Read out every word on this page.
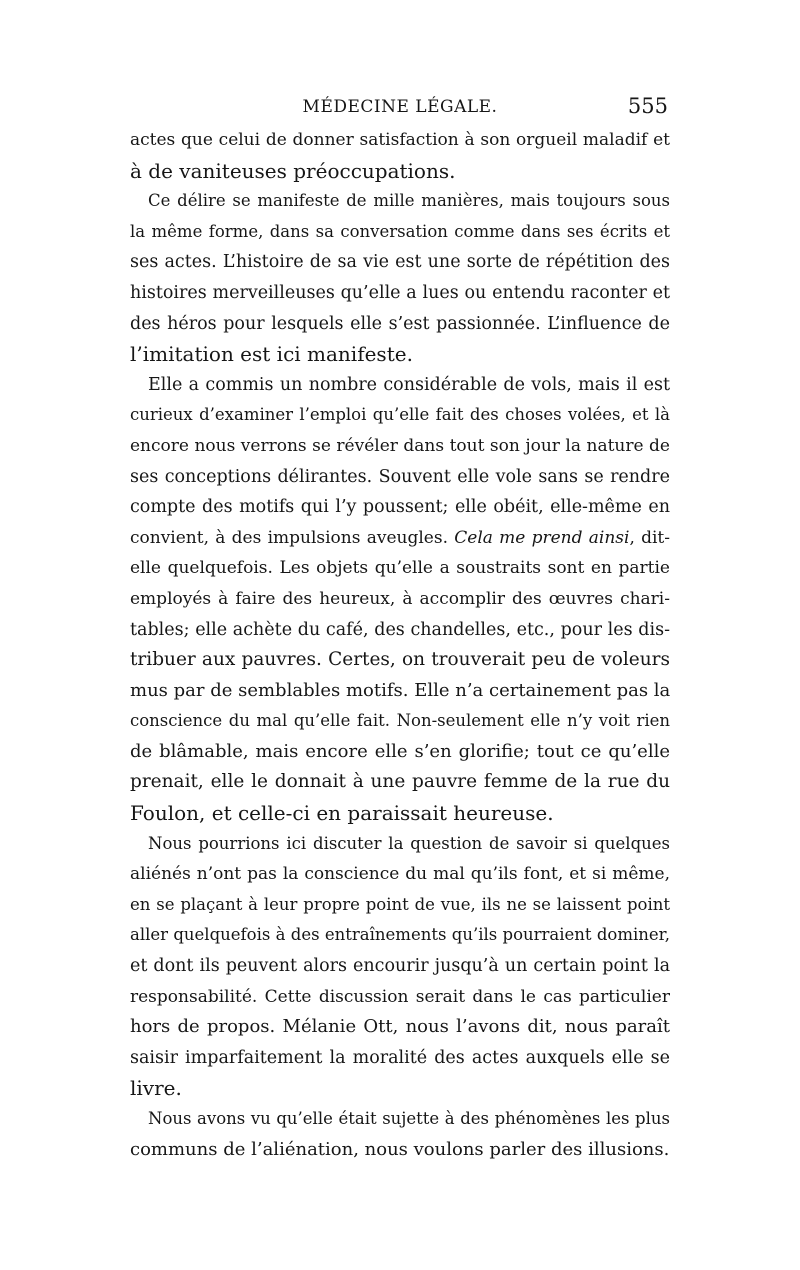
MÉDECINE LÉGALE.	555
actes que celui de donner satisfaction à son orgueil maladif et
à de vaniteuses préoccupations.
Ce délire se manifeste de mille manières, mais toujours sous
la même forme, dans sa conversation comme dans ses écrits et
ses actes. L’histoire de sa vie est une sorte de répétition des
histoires merveilleuses qu’elle a lues ou entendu raconter et
des héros pour lesquels elle s’est passionnée. L’influence de
l’imitation est ici manifeste.
Elle a commis un nombre considérable de vols, mais il est
curieux d’examiner l’emploi qu’elle fait des choses volées, et là
encore nous verrons se révéler dans tout son jour la nature de
ses conceptions délirantes. Souvent elle vole sans se rendre
compte des motifs qui l’y poussent; elle obéit, elle-même en
convient, à des impulsions aveugles. Cela me prend ainsi, dit-
elle quelquefois. Les objets qu’elle a soustraits sont en partie
employés à faire des heureux, à accomplir des œuvres chari-
tables; elle achète du café, des chandelles, etc., pour les dis-
tribuer aux pauvres. Certes, on trouverait peu de voleurs
mus par de semblables motifs. Elle n’a certainement pas la
conscience du mal qu’elle fait. Non-seulement elle n’y voit rien
de blâmable, mais encore elle s’en glorifie; tout ce qu’elle
prenait, elle le donnait à une pauvre femme de la rue du
Foulon, et celle-ci en paraissait heureuse.
Nous pourrions ici discuter la question de savoir si quelques
aliénés n’ont pas la conscience du mal qu’ils font, et si même,
en se plaçant à leur propre point de vue, ils ne se laissent point
aller quelquefois à des entraînements qu’ils pourraient dominer,
et dont ils peuvent alors encourir jusqu’à un certain point la
responsabilité. Cette discussion serait dans le cas particulier
hors de propos. Mélanie Ott, nous l’avons dit, nous paraît
saisir imparfaitement la moralité des actes auxquels elle se
livre.
Nous avons vu qu’elle était sujette à des phénomènes les plus
communs de l’aliénation, nous voulons parler des illusions.
